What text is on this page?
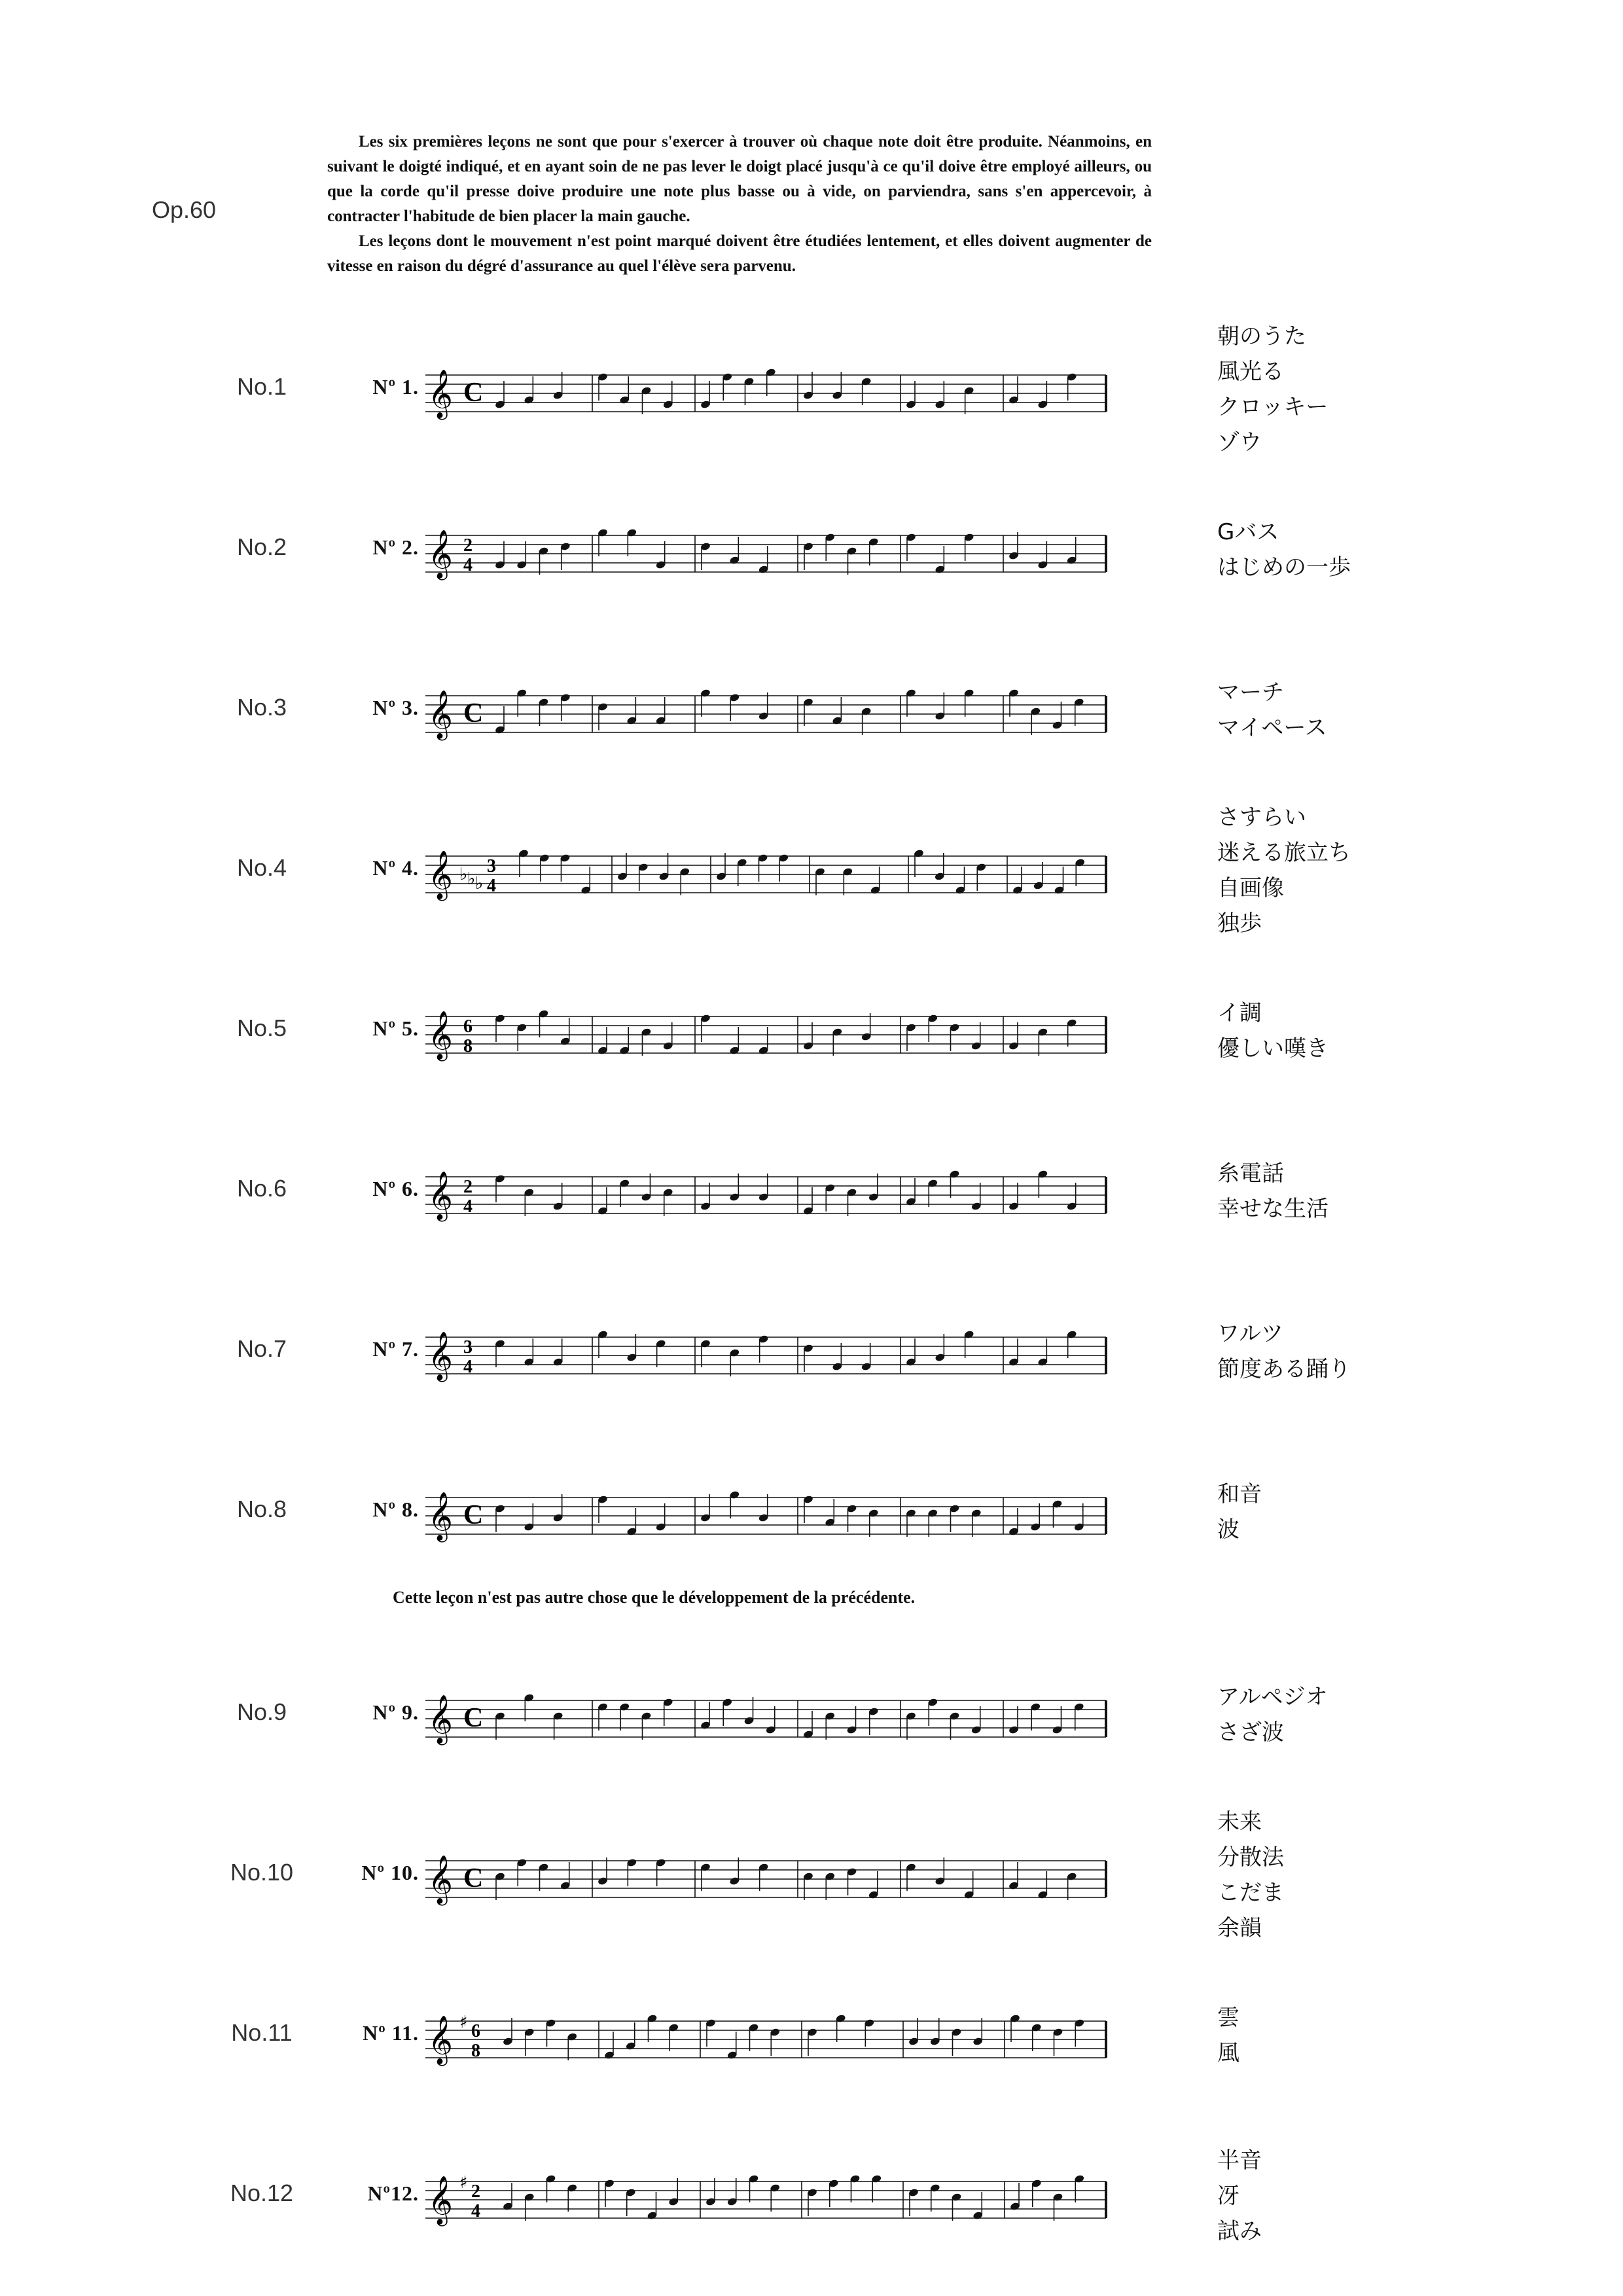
Op.60

Les six premières leçons ne sont que pour s'exercer à trouver où chaque note doit être produite. Néanmoins, en suivant le doigté indiqué, et en ayant soin de ne pas lever le doigt placé jusqu'à ce qu'il doive être employé ailleurs, ou que la corde qu'il presse doive produire une note plus basse ou à vide, on parviendra, sans s'en appercevoir, à contracter l'habitude de bien placer la main gauche.

Les leçons dont le mouvement n'est point marqué doivent être étudiées lentement, et elles doivent augmenter de vitesse en raison du dégré d'assurance au quel l'élève sera parvenu.

No.1	Nº 1. 𝄞 C
朝のうた
風光る
クロッキー
ゾウ
No.2	Nº 2. 𝄞 2
4
Gバス
はじめの一歩
No.3	Nº 3. 𝄞 C
マーチ
マイペース
No.4	Nº 4. 𝄞 ♭ ♭ ♭
3
4
さすらい
迷える旅立ち
自画像
独歩
No.5	Nº 5. 𝄞 6
8
イ調
優しい嘆き
No.6	Nº 6. 𝄞 2
4
糸電話
幸せな生活
No.7	Nº 7. 𝄞 3
4
ワルツ
節度ある踊り
No.8	Nº 8. 𝄞 C
和音
波
No.9	Nº 9. 𝄞 C
アルペジオ
さざ波
No.10	Nº 10. 𝄞 C
未来
分散法
こだま
余韻
No.11	Nº 11. 𝄞 ♯ 6
8
雲
風
No.12	Nº12. 𝄞 ♯ 2
4
半音
冴
試み
Cette leçon n'est pas autre chose que le développement de la précédente.
